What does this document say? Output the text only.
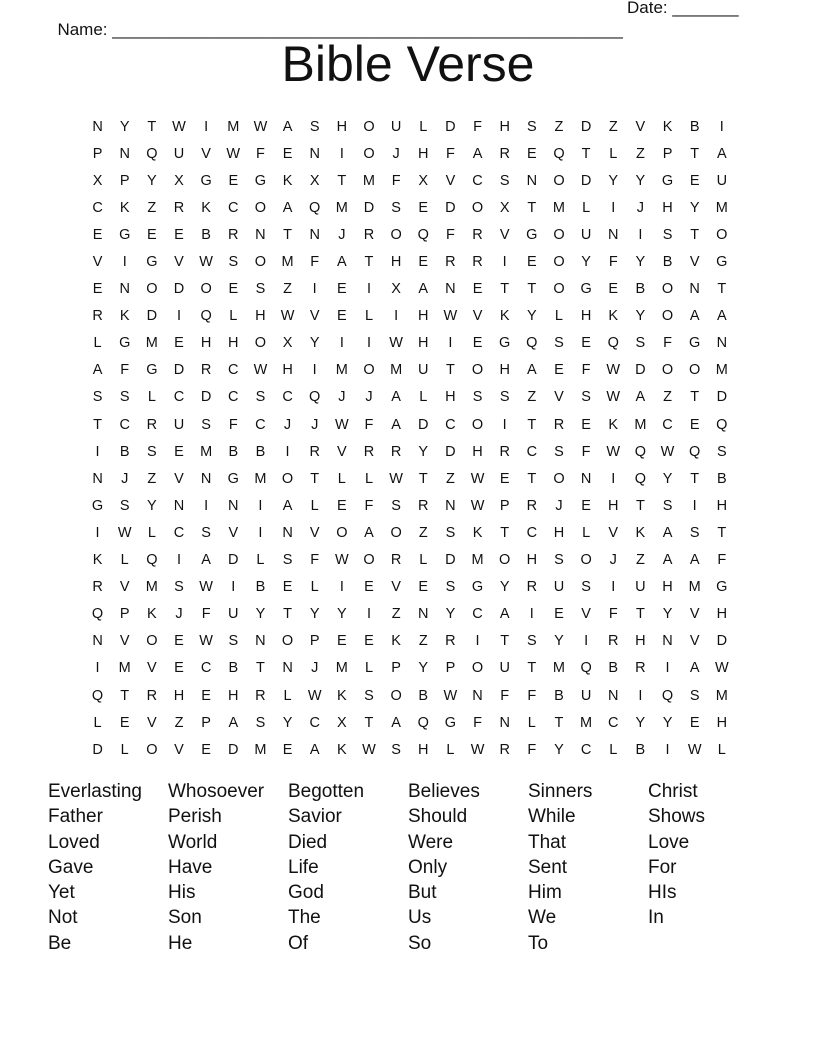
Name: ______________________________________________________

Date: _______

Bible Verse
N	Y	T	W	I	M W	A	S	H	O	U	L	D	F	H	S	Z	D	Z	V	K	B	I
P	N	Q	U	V	W	F	E	N	I	O	J	H	F	A	R	E	Q	T	L	Z	P	T	A
X	P	Y	X	G	E	G	K	X	T	M	F	X	V	C	S	N	O	D	Y	Y	G	E	U
C	K	Z	R	K	C	O	A	Q	M	D	S	E	D	O	X	T	M	L	I	J	H	Y	M
E	G	E	E	B	R	N	T	N	J	R	O	Q	F	R	V	G	O	U	N	I	S	T	O
V	I	G	V	W	S	O	M	F	A	T	H	E	R	R	I	E	O	Y	F	Y	B	V	G
E	N	O	D	O	E	S	Z	I	E	I	X	A	N	E	T	T	O	G	E	B	O	N	T
R	K	D	I	Q	L	H	W	V	E	L	I	H	W	V	K	Y	L	H	K	Y	O	A	A
L	G	M	E	H	H	O	X	Y	I	I	W	H	I	E	G	Q	S	E	Q	S	F	G	N
A	F	G	D	R	C	W	H	I	M	O	M	U	T	O	H	A	E	F	W	D	O	O	M
S	S	L	C	D	C	S	C	Q	J	J	A	L	H	S	S	Z	V	S	W	A	Z	T	D
T	C	R	U	S	F	C	J	J	W	F	A	D	C	O	I	T	R	E	K	M	C	E	Q
I	B	S	E	M	B	B	I	R	V	R	R	Y	D	H	R	C	S	F	W	Q	W	Q	S
N	J	Z	V	N	G	M	O	T	L	L	W	T	Z	W	E	T	O	N	I	Q	Y	T	B
G	S	Y	N	I	N	I	A	L	E	F	S	R	N	W	P	R	J	E	H	T	S	I	H
I	W	L	C	S	V	I	N	V	O	A	O	Z	S	K	T	C	H	L	V	K	A	S	T
K	L	Q	I	A	D	L	S	F	W	O	R	L	D	M	O	H	S	O	J	Z	A	A	F
R	V	M	S	W	I	B	E	L	I	E	V	E	S	G	Y	R	U	S	I	U	H	M	G
Q	P	K	J	F	U	Y	T	Y	Y	I	Z	N	Y	C	A	I	E	V	F	T	Y	V	H
N	V	O	E	W	S	N	O	P	E	E	K	Z	R	I	T	S	Y	I	R	H	N	V	D
I	M	V	E	C	B	T	N	J	M	L	P	Y	P	O	U	T	M	Q	B	R	I	A	W
Q	T	R	H	E	H	R	L	W	K	S	O	B	W	N	F	F	B	U	N	I	Q	S	M
L	E	V	Z	P	A	S	Y	C	X	T	A	Q	G	F	N	L	T	M	C	Y	Y	E	H
D	L	O	V	E	D	M	E	A	K	W	S	H	L	W	R	F	Y	C	L	B	I	W	L
Everlasting	Whosoever	Begotten	Believes	Sinners	Christ
Father	Perish	Savior	Should	While	Shows
Loved	World	Died	Were	That	Love
Gave	Have	Life	Only	Sent	For
Yet	His	God	But	Him	HIs
Not	Son	The	Us	We	In
Be	He	Of	So	To
